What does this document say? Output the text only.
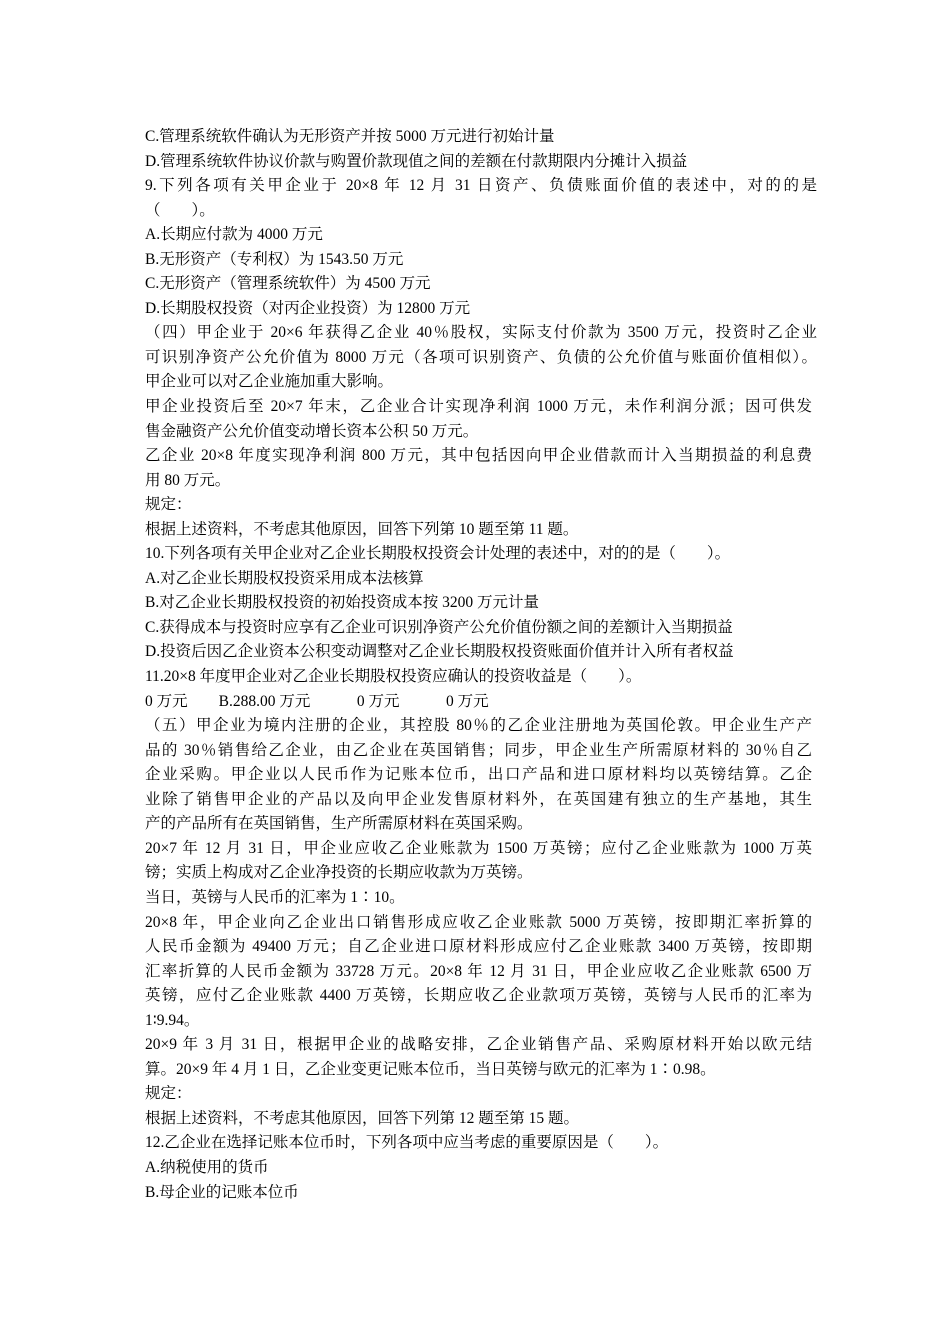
C.管理系统软件确认为无形资产并按 5000 万元进行初始计量
D.管理系统软件协议价款与购置价款现值之间的差额在付款期限内分摊计入损益
9.下列各项有关甲企业于 20×8 年 12 月 31 日资产、负债账面价值的表述中，对的的是
（　　）。
A.长期应付款为 4000 万元
B.无形资产（专利权）为 1543.50 万元
C.无形资产（管理系统软件）为 4500 万元
D.长期股权投资（对丙企业投资）为 12800 万元
（四）甲企业于 20×6 年获得乙企业 40％股权，实际支付价款为 3500 万元，投资时乙企业
可识别净资产公允价值为 8000 万元（各项可识别资产、负债的公允价值与账面价值相似）。
甲企业可以对乙企业施加重大影响。
甲企业投资后至 20×7 年末，乙企业合计实现净利润 1000 万元，未作利润分派；因可供发
售金融资产公允价值变动增长资本公积 50 万元。
乙企业 20×8 年度实现净利润 800 万元，其中包括因向甲企业借款而计入当期损益的利息费
用 80 万元。
规定：
根据上述资料，不考虑其他原因，回答下列第 10 题至第 11 题。
10.下列各项有关甲企业对乙企业长期股权投资会计处理的表述中，对的的是（　　）。
A.对乙企业长期股权投资采用成本法核算
B.对乙企业长期股权投资的初始投资成本按 3200 万元计量
C.获得成本与投资时应享有乙企业可识别净资产公允价值份额之间的差额计入当期损益
D.投资后因乙企业资本公积变动调整对乙企业长期股权投资账面价值并计入所有者权益
11.20×8 年度甲企业对乙企业长期股权投资应确认的投资收益是（　　）。
0 万元　　B.288.00 万元　　　0 万元　　　0 万元
（五）甲企业为境内注册的企业，其控股 80％的乙企业注册地为英国伦敦。甲企业生产产
品的 30％销售给乙企业，由乙企业在英国销售；同步，甲企业生产所需原材料的 30％自乙
企业采购。甲企业以人民币作为记账本位币，出口产品和进口原材料均以英镑结算。乙企
业除了销售甲企业的产品以及向甲企业发售原材料外，在英国建有独立的生产基地，其生
产的产品所有在英国销售，生产所需原材料在英国采购。
20×7 年 12 月 31 日，甲企业应收乙企业账款为 1500 万英镑；应付乙企业账款为 1000 万英
镑；实质上构成对乙企业净投资的长期应收款为万英镑。
当日，英镑与人民币的汇率为 1∶10。
20×8 年，甲企业向乙企业出口销售形成应收乙企业账款 5000 万英镑，按即期汇率折算的
人民币金额为 49400 万元；自乙企业进口原材料形成应付乙企业账款 3400 万英镑，按即期
汇率折算的人民币金额为 33728 万元。20×8 年 12 月 31 日，甲企业应收乙企业账款 6500 万
英镑，应付乙企业账款 4400 万英镑，长期应收乙企业款项万英镑，英镑与人民币的汇率为
1∶9.94。
20×9 年 3 月 31 日，根据甲企业的战略安排，乙企业销售产品、采购原材料开始以欧元结
算。20×9 年 4 月 1 日，乙企业变更记账本位币，当日英镑与欧元的汇率为 1∶0.98。
规定：
根据上述资料，不考虑其他原因，回答下列第 12 题至第 15 题。
12.乙企业在选择记账本位币时，下列各项中应当考虑的重要原因是（　　）。
A.纳税使用的货币
B.母企业的记账本位币
